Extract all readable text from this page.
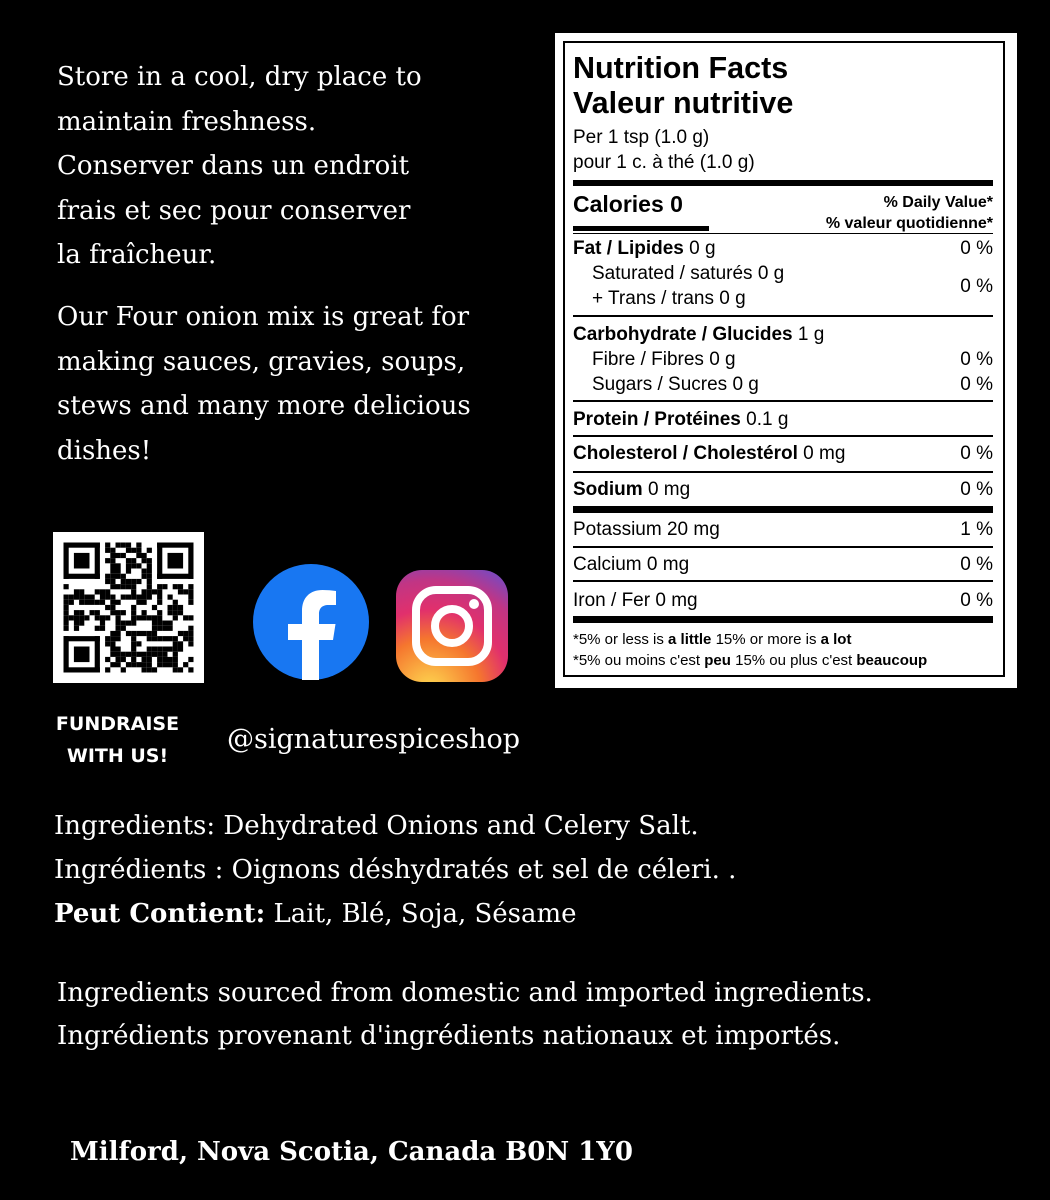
Store in a cool, dry place to
maintain freshness.
Conserver dans un endroit
frais et sec pour conserver
la fraîcheur.
Our Four onion mix is great for
making sauces, gravies, soups,
stews and many more delicious
dishes!
FUNDRAISE
WITH US!
@signaturespiceshop
Ingredients: Dehydrated Onions and Celery Salt.
Ingrédients : Oignons déshydratés et sel de céleri. .
Peut Contient: Lait, Blé, Soja, Sésame
Ingredients sourced from domestic and imported ingredients.
Ingrédients provenant d'ingrédients nationaux et importés.
Milford, Nova Scotia, Canada B0N 1Y0
Nutrition Facts
Valeur nutritive
Per 1 tsp (1.0 g)
pour 1 c. à thé (1.0 g)
Calories 0	% Daily Value*
% valeur quotidienne*
Fat / Lipides 0 g	0 %
Saturated / saturés 0 g
+ Trans / trans 0 g
0 %
Carbohydrate / Glucides 1 g
Fibre / Fibres 0 g	0 %
Sugars / Sucres 0 g	0 %
Protein / Protéines 0.1 g
Cholesterol / Cholestérol 0 mg	0 %
Sodium 0 mg	0 %
Potassium 20 mg	1 %
Calcium 0 mg	0 %
Iron / Fer 0 mg	0 %
*5% or less is a little 15% or more is a lot
*5% ou moins c'est peu 15% ou plus c'est beaucoup
